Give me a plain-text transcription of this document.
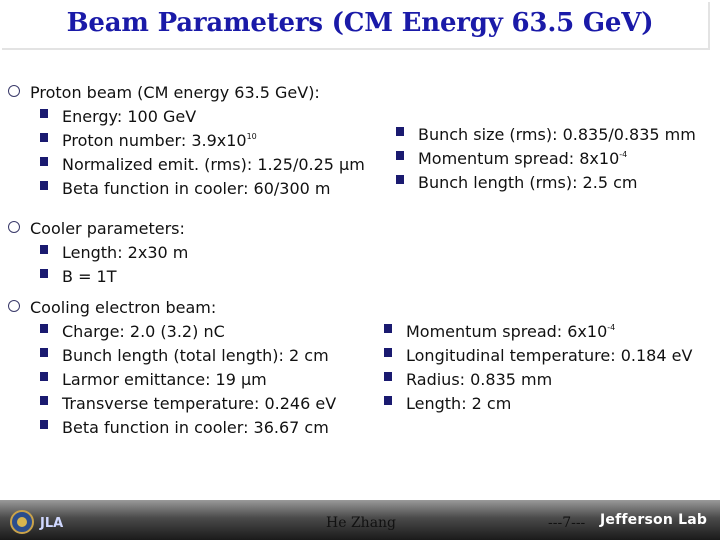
Beam Parameters (CM Energy 63.5 GeV)
Proton beam (CM energy 63.5 GeV):
Energy: 100 GeV
Proton number: $3.9x10^{10}$
Normalized emit. (rms): 1.25/0.25 µm
Beta function in cooler: 60/300 m
Bunch size (rms): 0.835/0.835 mm
Momentum spread: $8x10^{-4}$
Bunch length (rms): 2.5 cm
Cooler parameters:
Length: 2x30 m
B = 1T
Cooling electron beam:
Charge: 2.0 (3.2) nC
Bunch length (total length): 2 cm
Larmor emittance: 19 µm
Transverse temperature: 0.246 eV
Beta function in cooler: 36.67 cm
Momentum spread: $6x10^{-4}$
Longitudinal temperature: 0.184 eV
Radius: 0.835 mm
Length: 2 cm
JLA	He Zhang	---7--- Jefferson Lab
